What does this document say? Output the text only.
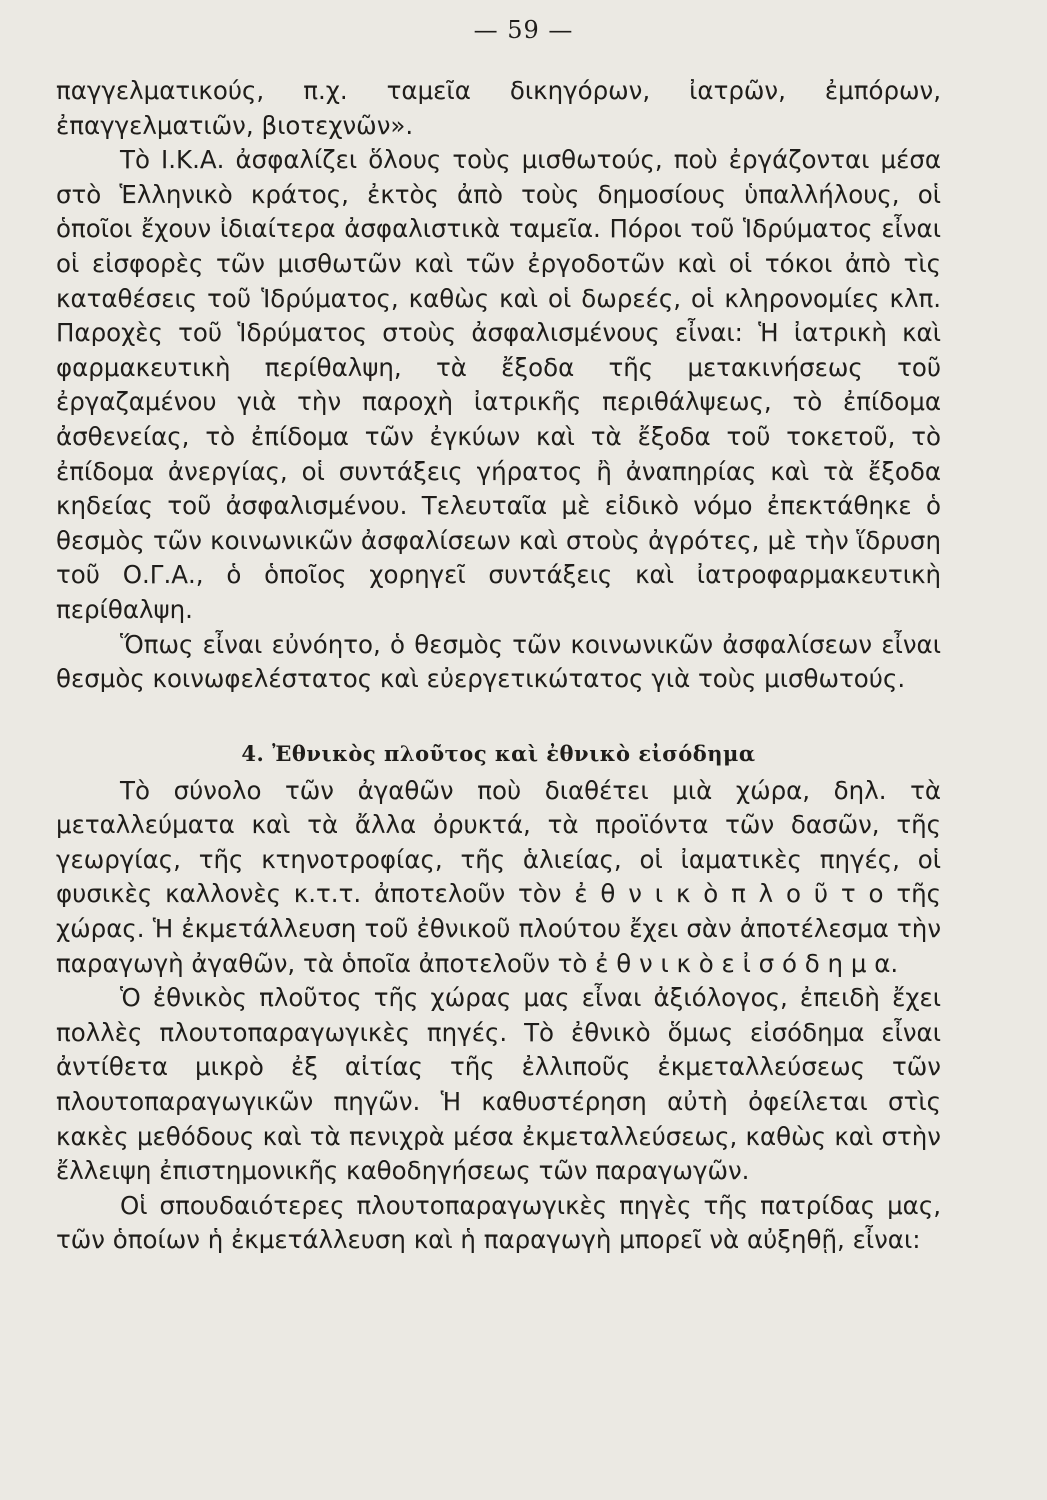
— 59 —

παγγελματικούς, π.χ. ταμεῖα δικηγόρων, ἰατρῶν, ἐμπόρων, ἐπαγγελματιῶν, βιοτεχνῶν».

Τὸ Ι.Κ.Α. ἀσφαλίζει ὅλους τοὺς μισθωτούς, ποὺ ἐργάζονται μέσα στὸ Ἑλληνικὸ κράτος, ἐκτὸς ἀπὸ τοὺς δημοσίους ὑπαλλήλους, οἱ ὁποῖοι ἔχουν ἰδιαίτερα ἀσφαλιστικὰ ταμεῖα. Πόροι τοῦ Ἱδρύματος εἶναι οἱ εἰσφορὲς τῶν μισθωτῶν καὶ τῶν ἐργοδοτῶν καὶ οἱ τόκοι ἀπὸ τὶς καταθέσεις τοῦ Ἱδρύματος, καθὼς καὶ οἱ δωρεές, οἱ κληρονομίες κλπ. Παροχὲς τοῦ Ἱδρύματος στοὺς ἀσφαλισμένους εἶναι: Ἡ ἰατρικὴ καὶ φαρμακευτικὴ περίθαλψη, τὰ ἔξοδα τῆς μετακινήσεως τοῦ ἐργαζαμένου γιὰ τὴν παροχὴ ἰατρικῆς περιθάλψεως, τὸ ἐπίδομα ἀσθενείας, τὸ ἐπίδομα τῶν ἐγκύων καὶ τὰ ἔξοδα τοῦ τοκετοῦ, τὸ ἐπίδομα ἀνεργίας, οἱ συντάξεις γήρατος ἢ ἀναπηρίας καὶ τὰ ἔξοδα κηδείας τοῦ ἀσφαλισμένου. Τελευταῖα μὲ εἰδικὸ νόμο ἐπεκτάθηκε ὁ θεσμὸς τῶν κοινωνικῶν ἀσφαλίσεων καὶ στοὺς ἀγρότες, μὲ τὴν ἵδρυση τοῦ Ο.Γ.Α., ὁ ὁποῖος χορηγεῖ συντάξεις καὶ ἰατροφαρμακευτικὴ περίθαλψη.

Ὅπως εἶναι εὐνόητο, ὁ θεσμὸς τῶν κοινωνικῶν ἀσφαλίσεων εἶναι θεσμὸς κοινωφελέστατος καὶ εὐεργετικώτατος γιὰ τοὺς μισθωτούς.

4. Ἐθνικὸς πλοῦτος καὶ ἐθνικὸ εἰσόδημα

Τὸ σύνολο τῶν ἀγαθῶν ποὺ διαθέτει μιὰ χώρα, δηλ. τὰ μεταλλεύματα καὶ τὰ ἄλλα ὀρυκτά, τὰ προϊόντα τῶν δασῶν, τῆς γεωργίας, τῆς κτηνοτροφίας, τῆς ἁλιείας, οἱ ἰαματικὲς πηγές, οἱ φυσικὲς καλλονὲς κ.τ.τ. ἀποτελοῦν τὸν ἐ θ ν ι κ ὸ π λ ο ῦ τ ο τῆς χώρας. Ἡ ἐκμετάλλευση τοῦ ἐθνικοῦ πλούτου ἔχει σὰν ἀποτέλεσμα τὴν παραγωγὴ ἀγαθῶν, τὰ ὁποῖα ἀποτελοῦν τὸ ἐ θ ν ι κ ὸ ε ἰ σ ό δ η μ α.

Ὁ ἐθνικὸς πλοῦτος τῆς χώρας μας εἶναι ἀξιόλογος, ἐπειδὴ ἔχει πολλὲς πλουτοπαραγωγικὲς πηγές. Τὸ ἐθνικὸ ὅμως εἰσόδημα εἶναι ἀντίθετα μικρὸ ἐξ αἰτίας τῆς ἐλλιποῦς ἐκμεταλλεύσεως τῶν πλουτοπαραγωγικῶν πηγῶν. Ἡ καθυστέρηση αὐτὴ ὀφείλεται στὶς κακὲς μεθόδους καὶ τὰ πενιχρὰ μέσα ἐκμεταλλεύσεως, καθὼς καὶ στὴν ἔλλειψη ἐπιστημονικῆς καθοδηγήσεως τῶν παραγωγῶν.

Οἱ σπουδαιότερες πλουτοπαραγωγικὲς πηγὲς τῆς πατρίδας μας, τῶν ὁποίων ἡ ἐκμετάλλευση καὶ ἡ παραγωγὴ μπορεῖ νὰ αὐξηθῇ, εἶναι:
